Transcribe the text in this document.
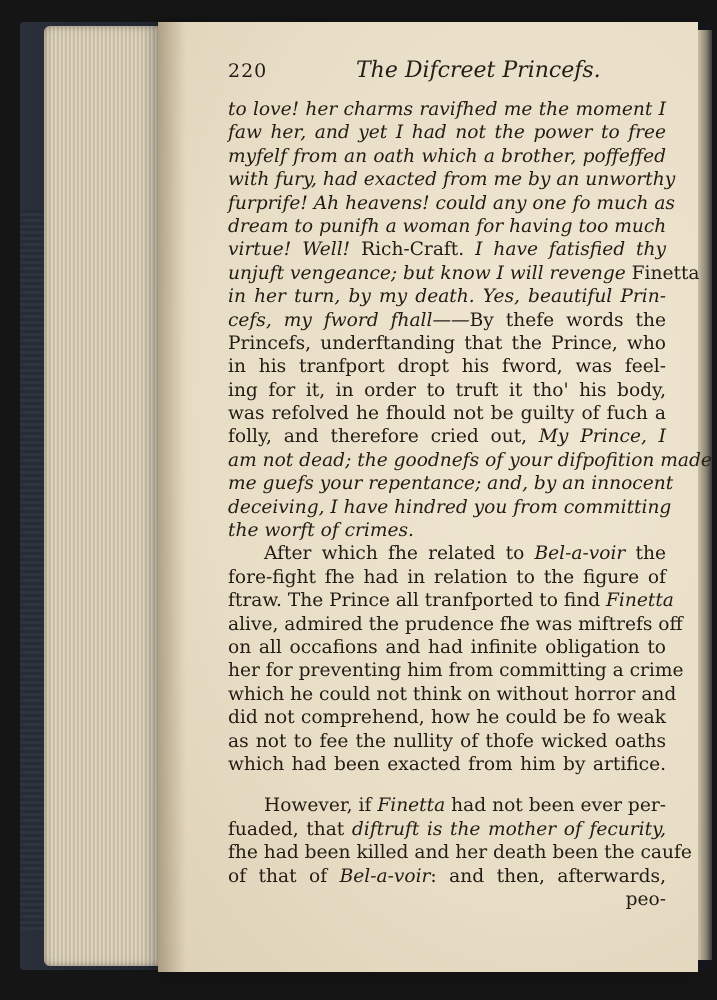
220	The Difcreet Princefs.
to love! her charms ravifhed me the moment I
faw her, and yet I had not the power to free
myfelf from an oath which a brother, poffeffed
with fury, had exacted from me by an unworthy
furprife! Ah heavens! could any one fo much as
dream to punifh a woman for having too much
virtue! Well! Rich-Craft. I have fatisfied thy
unjuft vengeance; but know I will revenge Finetta
in her turn, by my death. Yes, beautiful Prin-
cefs, my fword fhall——By thefe words the
Princefs, underftanding that the Prince, who
in his tranfport dropt his fword, was feel-
ing for it, in order to truft it tho' his body,
was refolved he fhould not be guilty of fuch a
folly, and therefore cried out, My Prince, I
am not dead; the goodnefs of your difpofition made
me guefs your repentance; and, by an innocent
deceiving, I have hindred you from committing
the worft of crimes.
After which fhe related to Bel-a-voir the
fore-fight fhe had in relation to the figure of
ftraw. The Prince all tranfported to find Finetta
alive, admired the prudence fhe was miftrefs off
on all occafions and had infinite obligation to
her for preventing him from committing a crime
which he could not think on without horror and
did not comprehend, how he could be fo weak
as not to fee the nullity of thofe wicked oaths
which had been exacted from him by artifice.
However, if Finetta had not been ever per-
fuaded, that diftruft is the mother of fecurity,
fhe had been killed and her death been the caufe
of that of Bel-a-voir: and then, afterwards,
peo-
